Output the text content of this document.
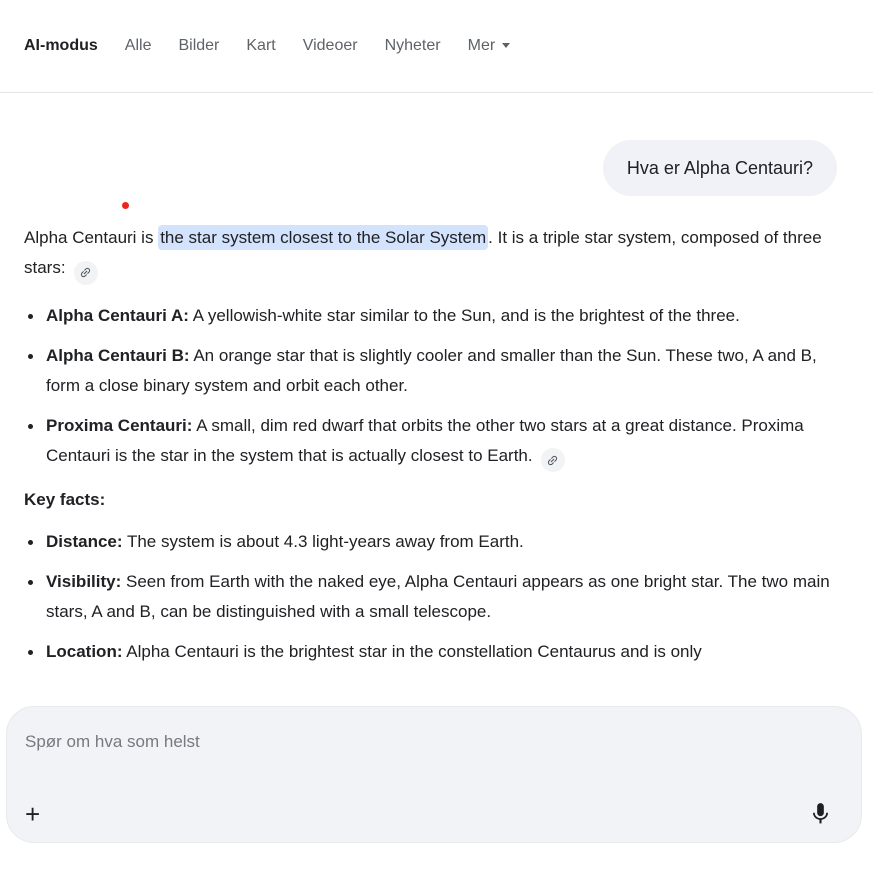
AI-modus Alle Bilder Kart Videoer Nyheter Mer
Hva er Alpha Centauri?

Alpha Centauri is the star system closest to the Solar System . It is a triple star system, composed of three stars:

Alpha Centauri A: A yellowish-white star similar to the Sun, and is the brightest of the three.
Alpha Centauri B: An orange star that is slightly cooler and smaller than the Sun. These two, A and B, form a close binary system and orbit each other.
Proxima Centauri: A small, dim red dwarf that orbits the other two stars at a great distance. Proxima Centauri is the star in the system that is actually closest to Earth.

Key facts:

Distance: The system is about 4.3 light-years away from Earth.
Visibility: Seen from Earth with the naked eye, Alpha Centauri appears as one bright star. The two main stars, A and B, can be distinguished with a small telescope.
Location: Alpha Centauri is the brightest star in the constellation Centaurus and is only
Spør om hva som helst
+
